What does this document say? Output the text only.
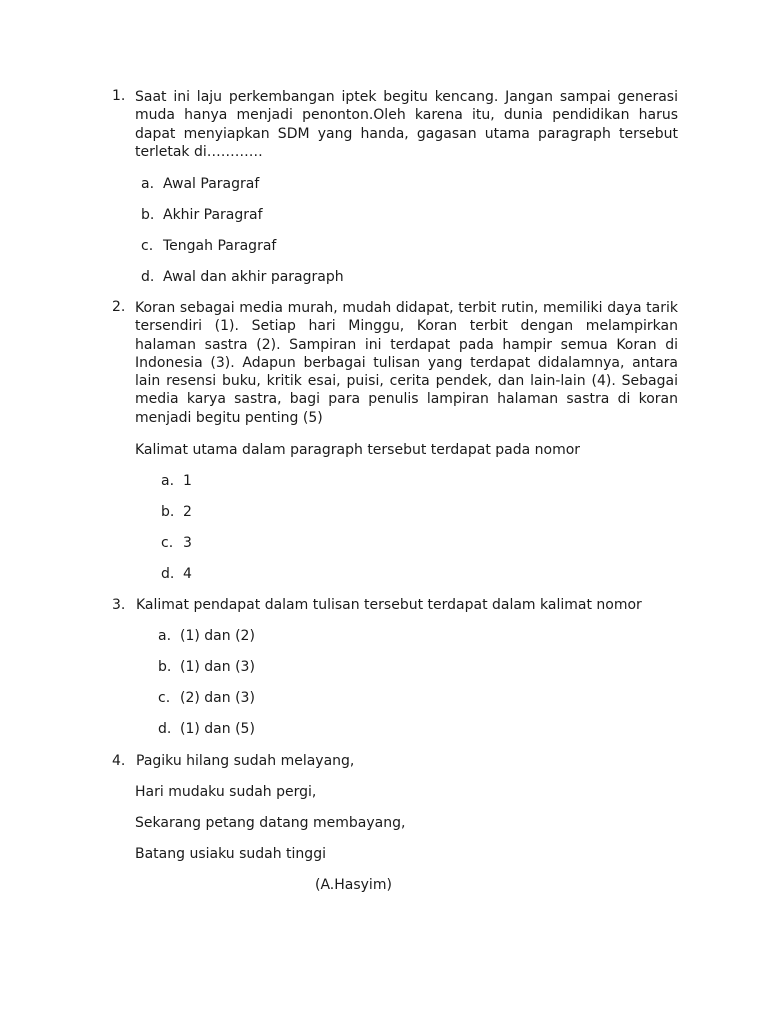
1. Saat ini laju perkembangan iptek begitu kencang. Jangan sampai generasi muda hanya menjadi penonton.Oleh karena itu, dunia pendidikan harus dapat menyiapkan SDM yang handa, gagasan utama paragraph tersebut terletak di…………
a. Awal Paragraf
b. Akhir Paragraf
c. Tengah Paragraf
d. Awal dan akhir paragraph
2. Koran sebagai media murah, mudah didapat, terbit rutin, memiliki daya tarik tersendiri (1). Setiap hari Minggu, Koran terbit dengan melampirkan halaman sastra (2). Sampiran ini terdapat pada hampir semua Koran di Indonesia (3). Adapun berbagai tulisan yang terdapat didalamnya, antara lain resensi buku, kritik esai, puisi, cerita pendek, dan lain-lain (4). Sebagai media karya sastra, bagi para penulis lampiran halaman sastra di koran menjadi begitu penting (5)
Kalimat utama dalam paragraph tersebut terdapat pada nomor
a. 1
b. 2
c. 3
d. 4
3. Kalimat pendapat dalam tulisan tersebut terdapat dalam kalimat nomor
a. (1) dan (2)
b. (1) dan (3)
c. (2) dan (3)
d. (1) dan (5)
4. Pagiku hilang sudah melayang,
Hari mudaku sudah pergi,
Sekarang petang datang membayang,
Batang usiaku sudah tinggi
(A.Hasyim)
